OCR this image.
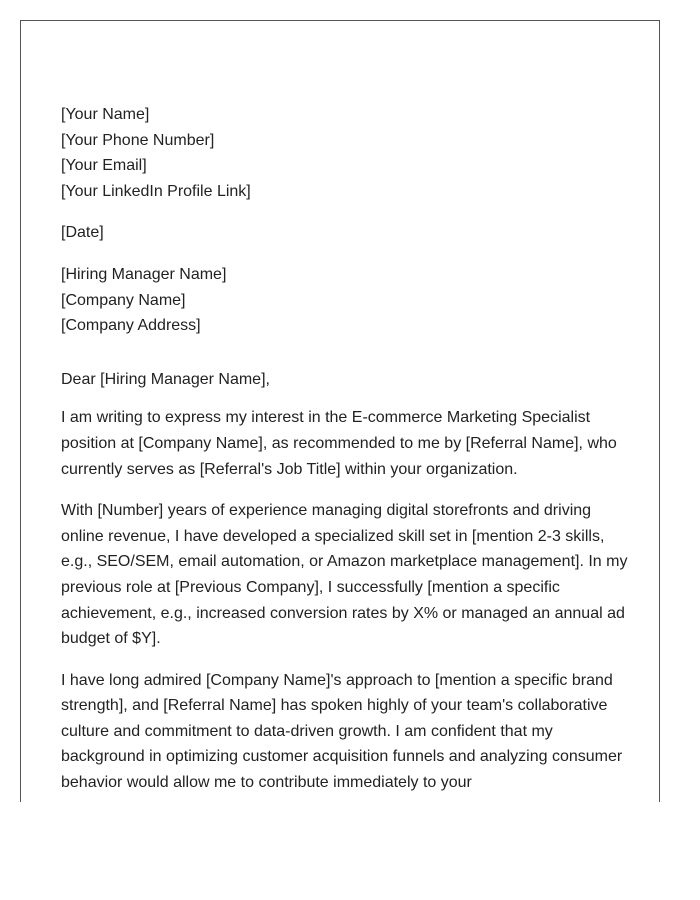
[Your Name]
[Your Phone Number]
[Your Email]
[Your LinkedIn Profile Link]
[Date]
[Hiring Manager Name]
[Company Name]
[Company Address]
Dear [Hiring Manager Name],

I am writing to express my interest in the E-commerce Marketing Specialist position at [Company Name], as recommended to me by [Referral Name], who currently serves as [Referral's Job Title] within your organization.

With [Number] years of experience managing digital storefronts and driving online revenue, I have developed a specialized skill set in [mention 2-3 skills, e.g., SEO/SEM, email automation, or Amazon marketplace management]. In my previous role at [Previous Company], I successfully [mention a specific achievement, e.g., increased conversion rates by X% or managed an annual ad budget of $Y].

I have long admired [Company Name]'s approach to [mention a specific brand strength], and [Referral Name] has spoken highly of your team's collaborative culture and commitment to data-driven growth. I am confident that my background in optimizing customer acquisition funnels and analyzing consumer behavior would allow me to contribute immediately to your
